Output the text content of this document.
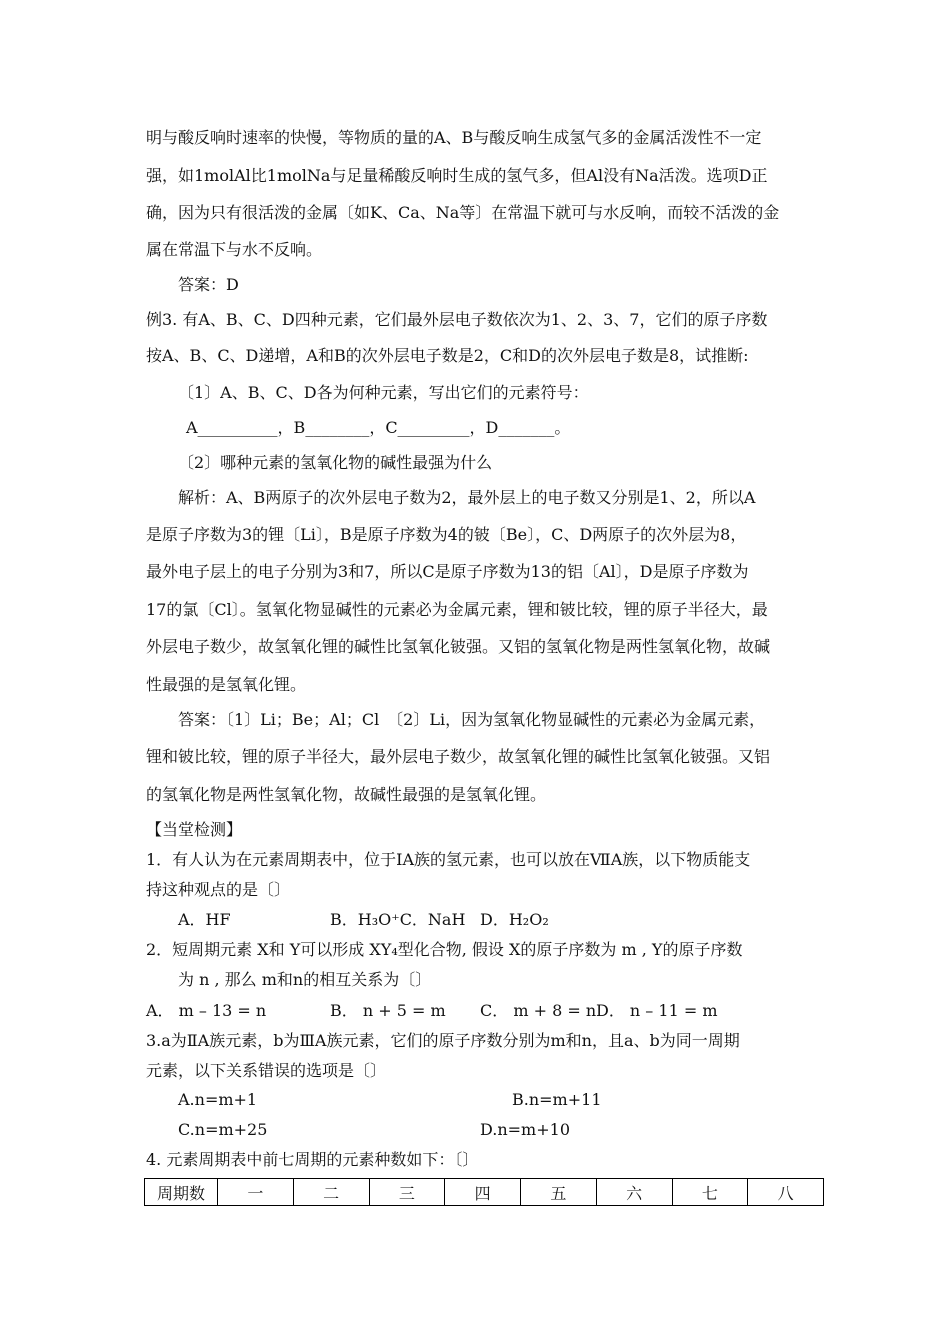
明与酸反响时速率的快慢，等物质的量的A、B与酸反响生成氢气多的金属活泼性不一定
强，如1molAl比1molNa与足量稀酸反响时生成的氢气多，但Al没有Na活泼。选项D正
确，因为只有很活泼的金属〔如K、Ca、Na等〕在常温下就可与水反响，而较不活泼的金
属在常温下与水不反响。
答案：D
例3. 有A、B、C、D四种元素，它们最外层电子数依次为1、2、3、7，它们的原子序数
按A、B、C、D递增，A和B的次外层电子数是2，C和D的次外层电子数是8，试推断:
〔1〕A、B、C、D各为何种元素，写出它们的元素符号：
A__________，B________，C_________，D_______。
〔2〕哪种元素的氢氧化物的碱性最强为什么
解析：A、B两原子的次外层电子数为2，最外层上的电子数又分别是1、2，所以A
是原子序数为3的锂〔Li〕，B是原子序数为4的铍〔Be〕，C、D两原子的次外层为8，
最外电子层上的电子分别为3和7，所以C是原子序数为13的铝〔Al〕，D是原子序数为
17的氯〔Cl〕。氢氧化物显碱性的元素必为金属元素，锂和铍比较，锂的原子半径大，最
外层电子数少，故氢氧化锂的碱性比氢氧化铍强。又铝的氢氧化物是两性氢氧化物，故碱
性最强的是氢氧化锂。
答案：〔1〕Li；Be；Al；Cl　〔2〕Li，因为氢氧化物显碱性的元素必为金属元素，
锂和铍比较，锂的原子半径大，最外层电子数少，故氢氧化锂的碱性比氢氧化铍强。又铝
的氢氧化物是两性氢氧化物，故碱性最强的是氢氧化锂。
【当堂检测】
1．有人认为在元素周期表中，位于ⅠA族的氢元素，也可以放在ⅦA族，以下物质能支
持这种观点的是〔〕
A．HF	B．H₃O⁺C．NaH D．H₂O₂
2．短周期元素 X和 Y可以形成 XY₄型化合物, 假设 X的原子序数为 m , Y的原子序数
为 n , 那么 m和n的相互关系为〔〕
A． m – 13 = n	B． n + 5 = m C． m + 8 = n D． n – 11 = m
3.a为ⅡA族元素，b为ⅢA族元素，它们的原子序数分别为m和n，且a、b为同一周期
元素，以下关系错误的选项是〔〕
A.n=m+1	B.n=m+11
C.n=m+25	D.n=m+10
4. 元素周期表中前七周期的元素种数如下：〔〕
周期数	一	二	三	四	五	六	七	八
